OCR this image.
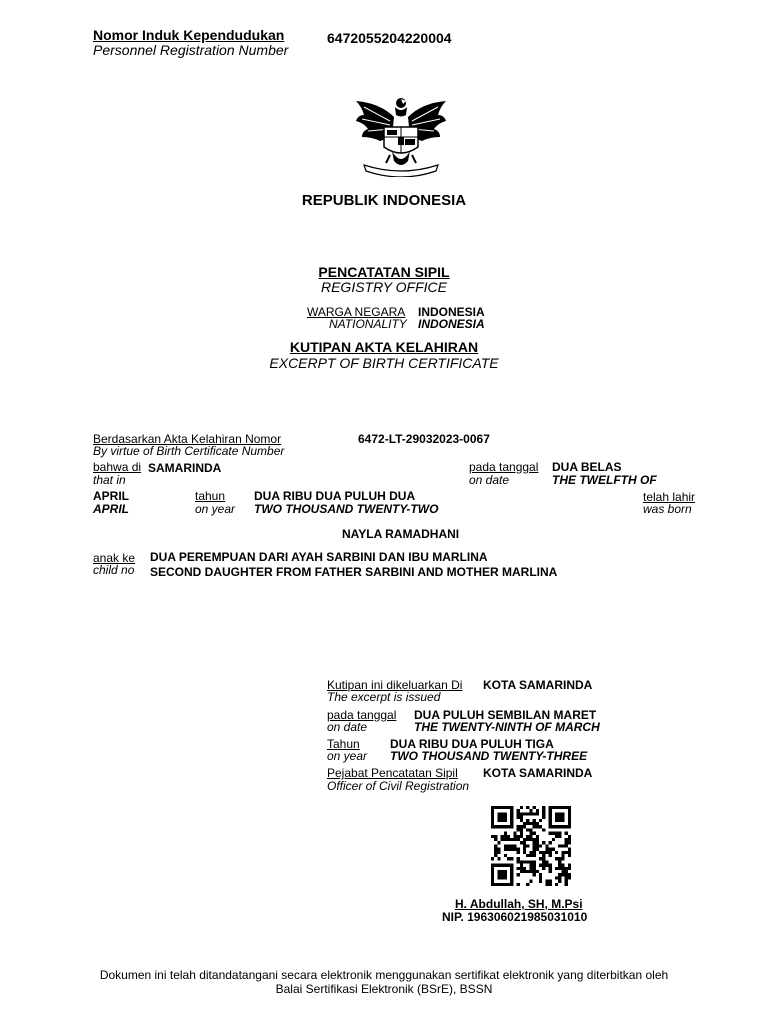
Nomor Induk Kependudukan
Personnel Registration Number
6472055204220004
REPUBLIK INDONESIA
PENCATATAN SIPIL
REGISTRY OFFICE
WARGA NEGARA INDONESIA
NATIONALITY INDONESIA
KUTIPAN AKTA KELAHIRAN
EXCERPT OF BIRTH CERTIFICATE
Berdasarkan Akta Kelahiran Nomor
By virtue of Birth Certificate Number
6472-LT-29032023-0067
bahwa di SAMARINDA
that in
pada tanggal
on date
DUA BELAS
THE TWELFTH OF
APRIL
APRIL
tahun
on year
DUA RIBU DUA PULUH DUA
TWO THOUSAND TWENTY-TWO
telah lahir
was born
NAYLA RAMADHANI
anak ke
child no
DUA PEREMPUAN DARI AYAH SARBINI DAN IBU MARLINA
SECOND DAUGHTER FROM FATHER SARBINI AND MOTHER MARLINA
Kutipan ini dikeluarkan Di
The excerpt is issued
KOTA SAMARINDA
pada tanggal
on date
DUA PULUH SEMBILAN MARET
THE TWENTY-NINTH OF MARCH
Tahun
on year
DUA RIBU DUA PULUH TIGA
TWO THOUSAND TWENTY-THREE
Pejabat Pencatatan Sipil
Officer of Civil Registration
KOTA SAMARINDA
H. Abdullah, SH, M.Psi
NIP. 196306021985031010
Dokumen ini telah ditandatangani secara elektronik menggunakan sertifikat elektronik yang diterbitkan oleh
Balai Sertifikasi Elektronik (BSrE), BSSN
